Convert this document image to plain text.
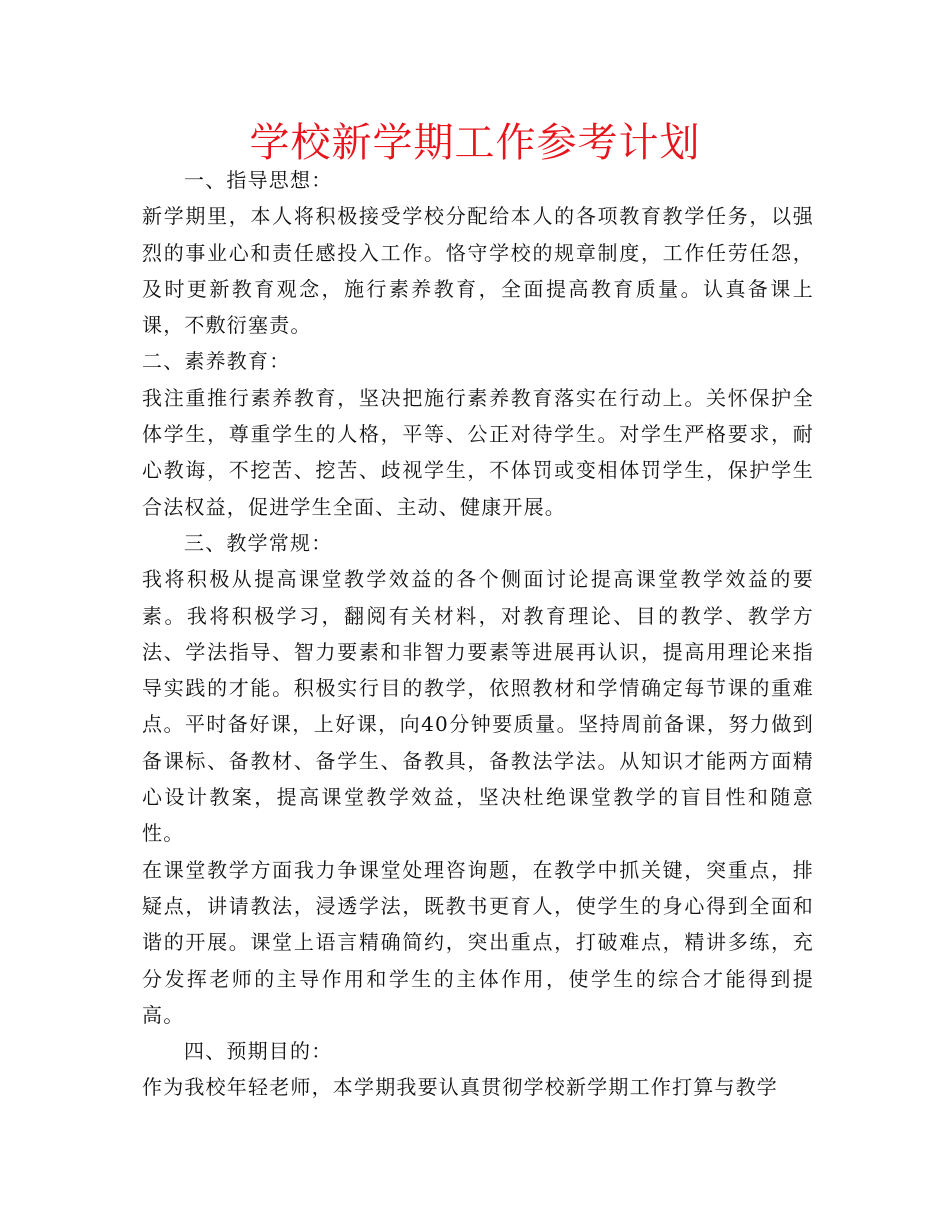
学校新学期工作参考计划

一、指导思想：

新学期里，本人将积极接受学校分配给本人的各项教育教学任务，以强烈的事业心和责任感投入工作。恪守学校的规章制度，工作任劳任怨，及时更新教育观念，施行素养教育，全面提高教育质量。认真备课上课，不敷衍塞责。

二、素养教育：

我注重推行素养教育，坚决把施行素养教育落实在行动上。关怀保护全体学生，尊重学生的人格，平等、公正对待学生。对学生严格要求，耐心教诲，不挖苦、挖苦、歧视学生，不体罚或变相体罚学生，保护学生合法权益，促进学生全面、主动、健康开展。

三、教学常规：

我将积极从提高课堂教学效益的各个侧面讨论提高课堂教学效益的要素。我将积极学习，翻阅有关材料，对教育理论、目的教学、教学方法、学法指导、智力要素和非智力要素等进展再认识，提高用理论来指导实践的才能。积极实行目的教学，依照教材和学情确定每节课的重难点。平时备好课，上好课，向40分钟要质量。坚持周前备课，努力做到备课标、备教材、备学生、备教具，备教法学法。从知识才能两方面精心设计教案，提高课堂教学效益，坚决杜绝课堂教学的盲目性和随意性。

在课堂教学方面我力争课堂处理咨询题，在教学中抓关键，突重点，排疑点，讲请教法，浸透学法，既教书更育人，使学生的身心得到全面和谐的开展。课堂上语言精确简约，突出重点，打破难点，精讲多练，充分发挥老师的主导作用和学生的主体作用，使学生的综合才能得到提高。

四、预期目的：

作为我校年轻老师，本学期我要认真贯彻学校新学期工作打算与教学
